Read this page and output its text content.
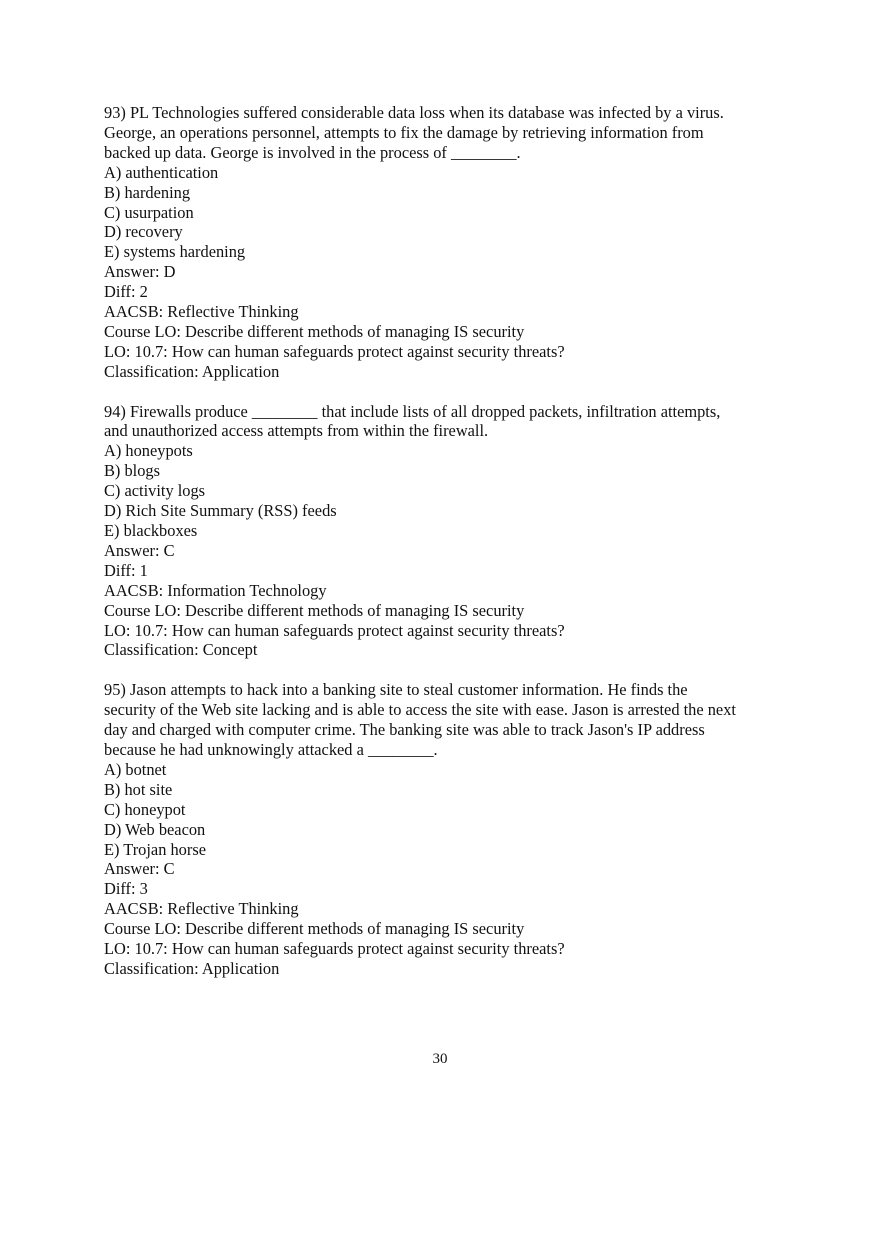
93) PL Technologies suffered considerable data loss when its database was infected by a virus.
George, an operations personnel, attempts to fix the damage by retrieving information from
backed up data. George is involved in the process of ________.
A) authentication
B) hardening
C) usurpation
D) recovery
E) systems hardening
Answer: D
Diff: 2
AACSB: Reflective Thinking
Course LO: Describe different methods of managing IS security
LO: 10.7: How can human safeguards protect against security threats?
Classification: Application
94) Firewalls produce ________ that include lists of all dropped packets, infiltration attempts,
and unauthorized access attempts from within the firewall.
A) honeypots
B) blogs
C) activity logs
D) Rich Site Summary (RSS) feeds
E) blackboxes
Answer: C
Diff: 1
AACSB: Information Technology
Course LO: Describe different methods of managing IS security
LO: 10.7: How can human safeguards protect against security threats?
Classification: Concept
95) Jason attempts to hack into a banking site to steal customer information. He finds the
security of the Web site lacking and is able to access the site with ease. Jason is arrested the next
day and charged with computer crime. The banking site was able to track Jason's IP address
because he had unknowingly attacked a ________.
A) botnet
B) hot site
C) honeypot
D) Web beacon
E) Trojan horse
Answer: C
Diff: 3
AACSB: Reflective Thinking
Course LO: Describe different methods of managing IS security
LO: 10.7: How can human safeguards protect against security threats?
Classification: Application
30
